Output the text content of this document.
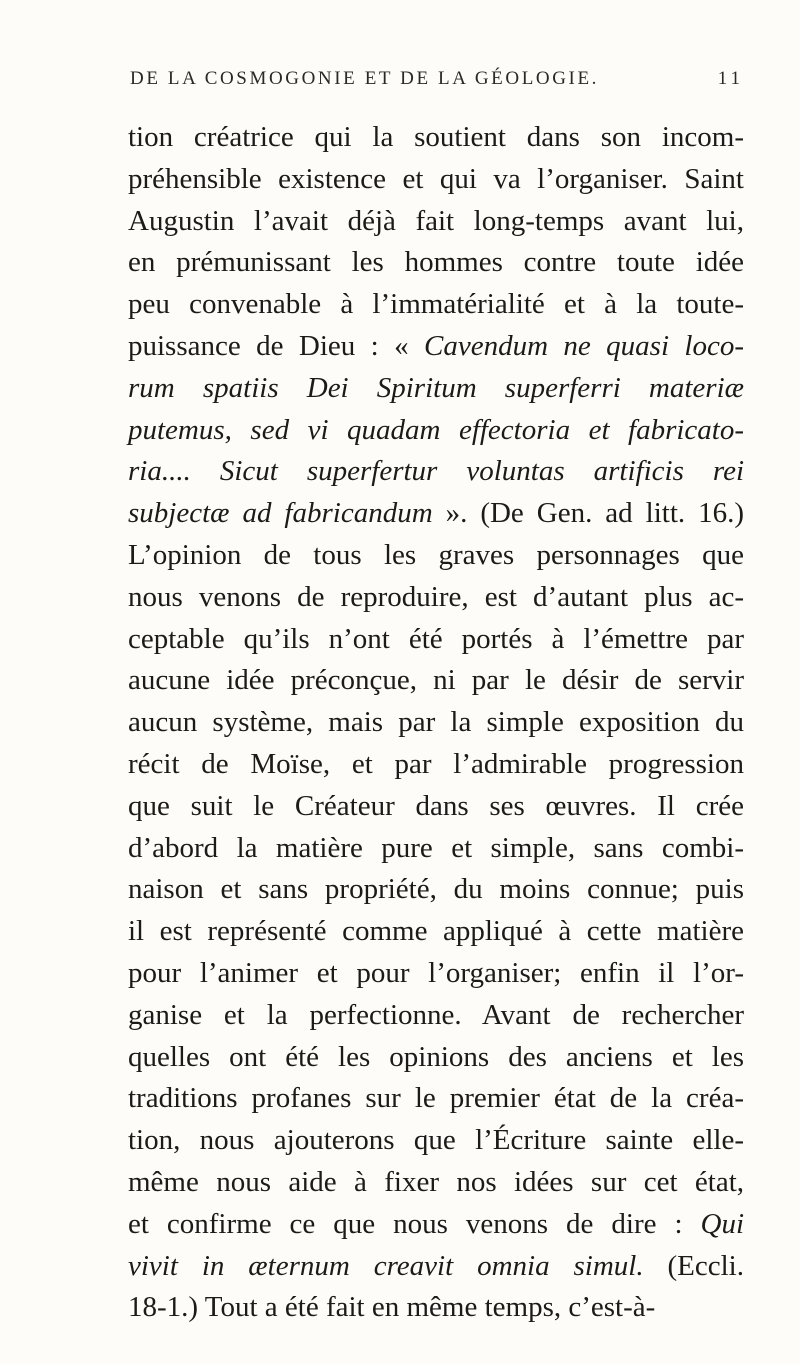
DE LA COSMOGONIE ET DE LA GÉOLOGIE.	11
tion créatrice qui la soutient dans son incom-
préhensible existence et qui va l’organiser. Saint
Augustin l’avait déjà fait long-temps avant lui,
en prémunissant les hommes contre toute idée
peu convenable à l’immatérialité et à la toute-
puissance de Dieu : « Cavendum ne quasi loco-
rum spatiis Dei Spiritum superferri materiæ
putemus, sed vi quadam effectoria et fabricato-
ria.... Sicut superfertur voluntas artificis rei
subjectæ ad fabricandum ». (De Gen. ad litt. 16.)
L’opinion de tous les graves personnages que
nous venons de reproduire, est d’autant plus ac-
ceptable qu’ils n’ont été portés à l’émettre par
aucune idée préconçue, ni par le désir de servir
aucun système, mais par la simple exposition du
récit de Moïse, et par l’admirable progression
que suit le Créateur dans ses œuvres. Il crée
d’abord la matière pure et simple, sans combi-
naison et sans propriété, du moins connue; puis
il est représenté comme appliqué à cette matière
pour l’animer et pour l’organiser; enfin il l’or-
ganise et la perfectionne. Avant de rechercher
quelles ont été les opinions des anciens et les
traditions profanes sur le premier état de la créa-
tion, nous ajouterons que l’Écriture sainte elle-
même nous aide à fixer nos idées sur cet état,
et confirme ce que nous venons de dire : Qui
vivit in æternum creavit omnia simul. (Eccli.
18-1.) Tout a été fait en même temps, c’est-à-
